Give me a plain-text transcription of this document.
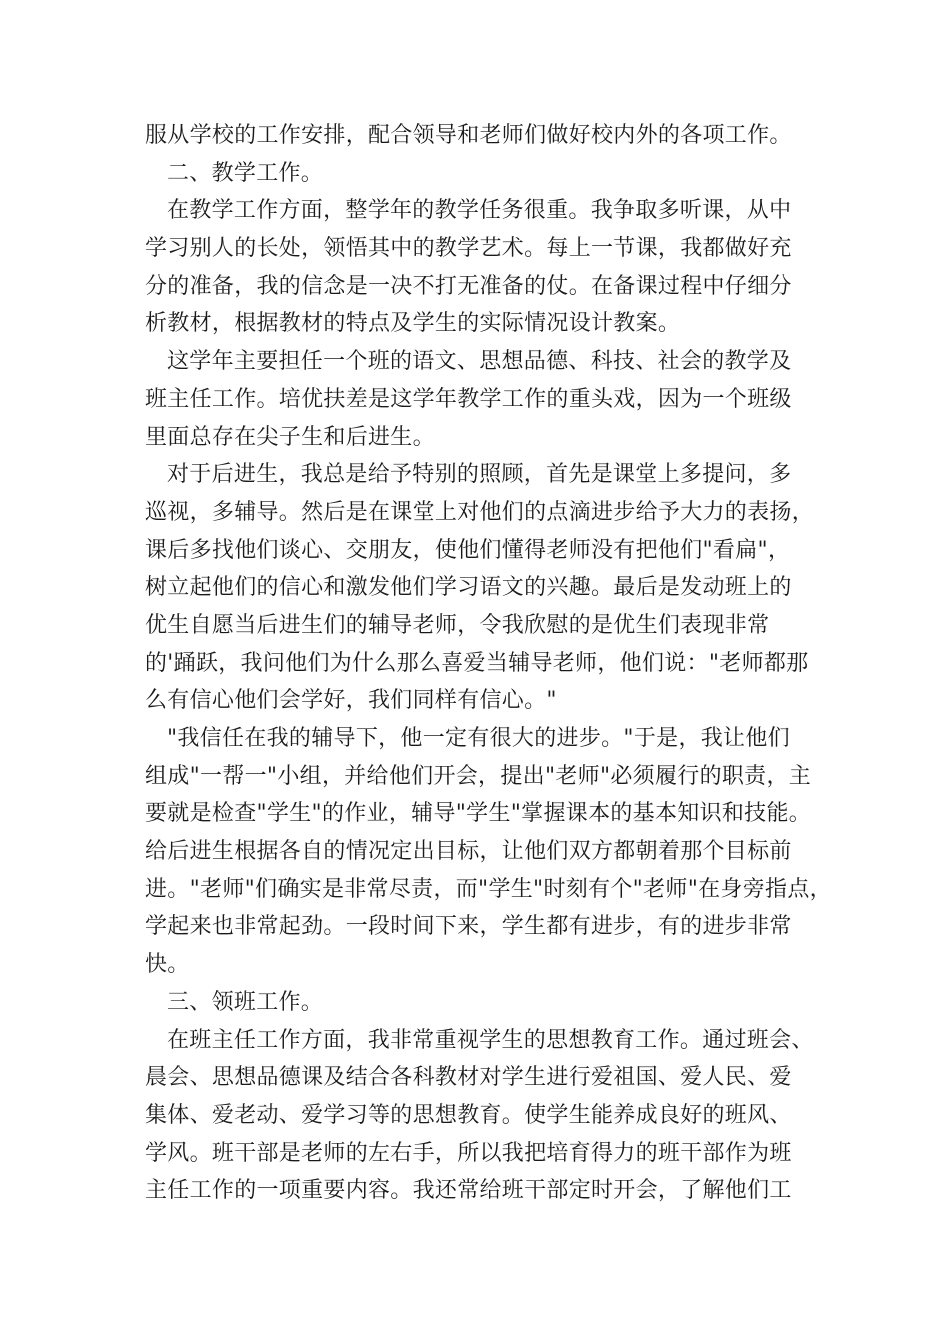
服从学校的工作安排，配合领导和老师们做好校内外的各项工作。
二、教学工作。
在教学工作方面，整学年的教学任务很重。我争取多听课，从中
学习别人的长处，领悟其中的教学艺术。每上一节课，我都做好充
分的准备，我的信念是一决不打无准备的仗。在备课过程中仔细分
析教材，根据教材的特点及学生的实际情况设计教案。
这学年主要担任一个班的语文、思想品德、科技、社会的教学及
班主任工作。培优扶差是这学年教学工作的重头戏，因为一个班级
里面总存在尖子生和后进生。
对于后进生，我总是给予特别的照顾，首先是课堂上多提问，多
巡视，多辅导。然后是在课堂上对他们的点滴进步给予大力的表扬，
课后多找他们谈心、交朋友，使他们懂得老师没有把他们"看扁"，
树立起他们的信心和激发他们学习语文的兴趣。最后是发动班上的
优生自愿当后进生们的辅导老师，令我欣慰的是优生们表现非常
的'踊跃，我问他们为什么那么喜爱当辅导老师，他们说："老师都那
么有信心他们会学好，我们同样有信心。"
"我信任在我的辅导下，他一定有很大的进步。"于是，我让他们
组成"一帮一"小组，并给他们开会，提出"老师"必须履行的职责，主
要就是检查"学生"的作业，辅导"学生"掌握课本的基本知识和技能。
给后进生根据各自的情况定出目标，让他们双方都朝着那个目标前
进。"老师"们确实是非常尽责，而"学生"时刻有个"老师"在身旁指点，
学起来也非常起劲。一段时间下来，学生都有进步，有的进步非常
快。
三、领班工作。
在班主任工作方面，我非常重视学生的思想教育工作。通过班会、
晨会、思想品德课及结合各科教材对学生进行爱祖国、爱人民、爱
集体、爱老动、爱学习等的思想教育。使学生能养成良好的班风、
学风。班干部是老师的左右手，所以我把培育得力的班干部作为班
主任工作的一项重要内容。我还常给班干部定时开会，了解他们工
